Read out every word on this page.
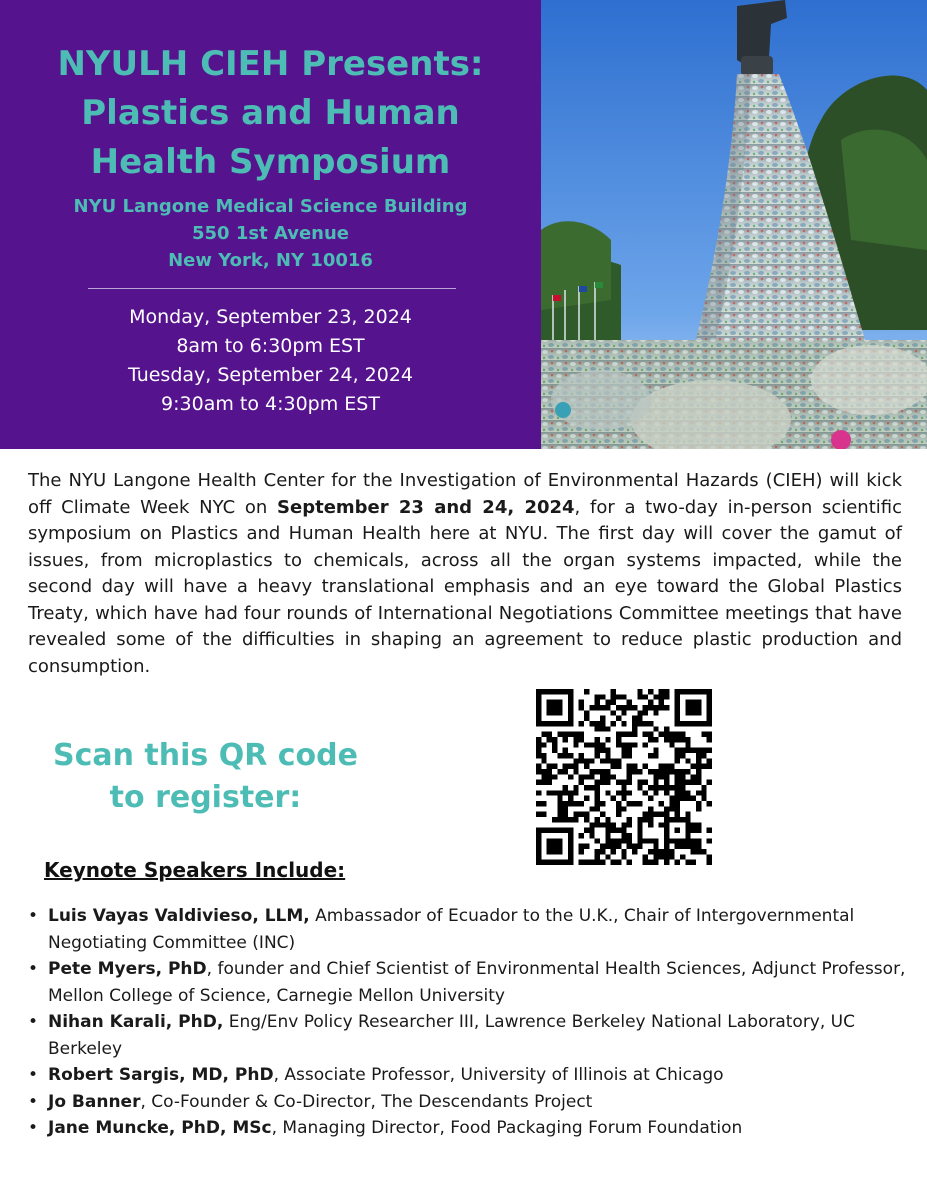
NYULH CIEH Presents:
Plastics and Human
Health Symposium
NYU Langone Medical Science Building
550 1st Avenue
New York, NY 10016
Monday, September 23, 2024
8am to 6:30pm EST
Tuesday, September 24, 2024
9:30am to 4:30pm EST
The NYU Langone Health Center for the Investigation of Environmental Hazards (CIEH) will kick off Climate Week NYC on September 23 and 24, 2024, for a two-day in-person scientific symposium on Plastics and Human Health here at NYU. The first day will cover the gamut of issues, from microplastics to chemicals, across all the organ systems impacted, while the second day will have a heavy translational emphasis and an eye toward the Global Plastics Treaty, which have had four rounds of International Negotiations Committee meetings that have revealed some of the difficulties in shaping an agreement to reduce plastic production and consumption.
Scan this QR code
to register:
Keynote Speakers Include:
• Luis Vayas Valdivieso, LLM, Ambassador of Ecuador to the U.K., Chair of Intergovernmental Negotiating Committee (INC)
• Pete Myers, PhD, founder and Chief Scientist of Environmental Health Sciences, Adjunct Professor, Mellon College of Science, Carnegie Mellon University
• Nihan Karali, PhD, Eng/Env Policy Researcher III, Lawrence Berkeley National Laboratory, UC Berkeley
• Robert Sargis, MD, PhD, Associate Professor, University of Illinois at Chicago
• Jo Banner, Co-Founder & Co-Director, The Descendants Project
• Jane Muncke, PhD, MSc, Managing Director, Food Packaging Forum Foundation
